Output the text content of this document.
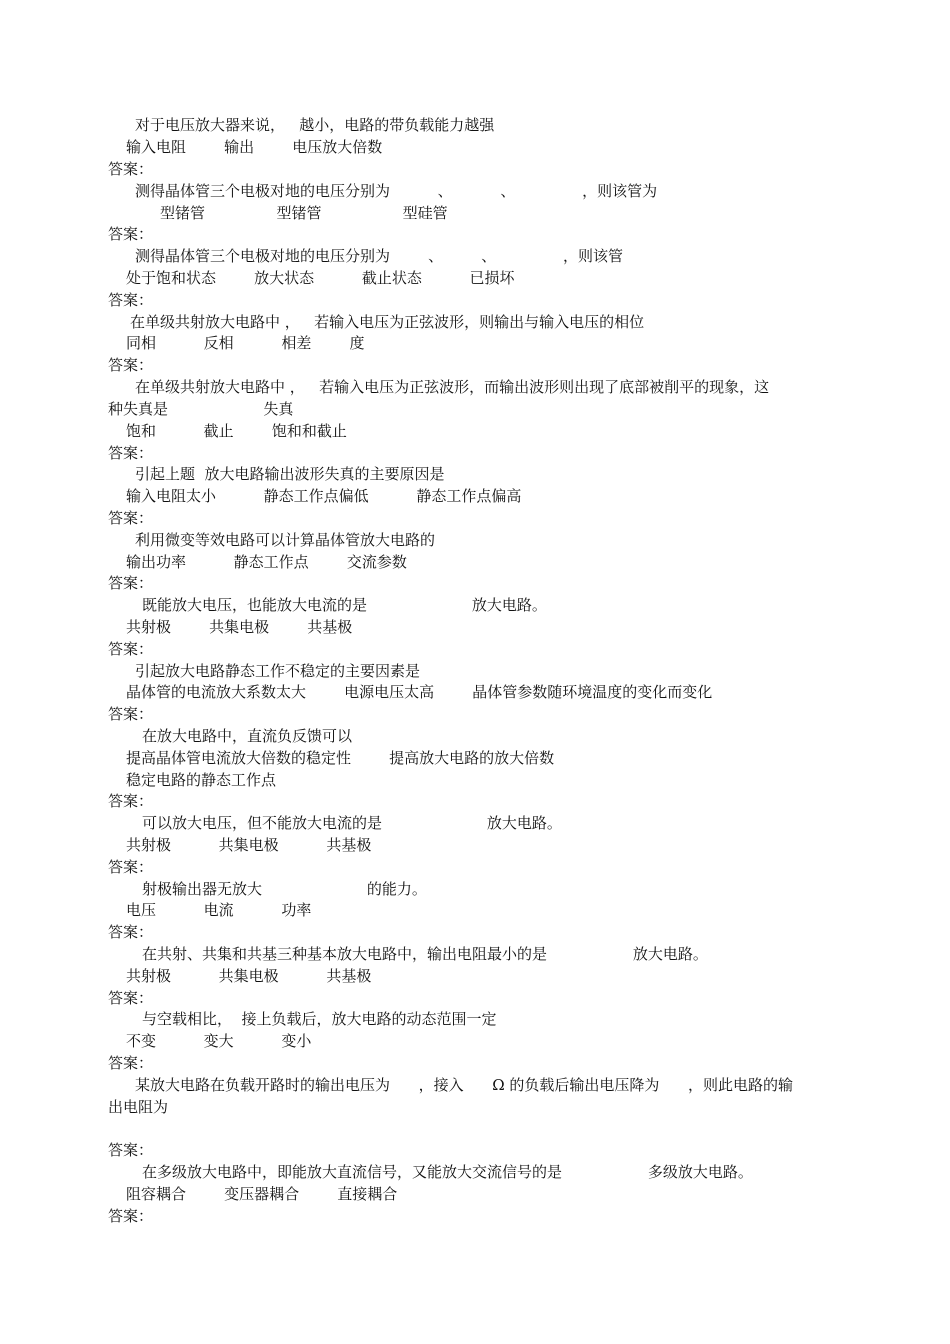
对于电压放大器来说，   越小，电路的带负载能力越强
输入电阻        输出        电压放大倍数
答案：
测得晶体管三个电极对地的电压分别为          、          、              ，则该管为
型锗管               型锗管                 型硅管
答案：
测得晶体管三个电极对地的电压分别为        、        、              ，则该管
处于饱和状态        放大状态          截止状态          已损坏
答案：
在单级共射放大电路中 ，   若输入电压为正弦波形，则输出与输入电压的相位
同相          反相          相差        度
答案：
在单级共射放大电路中 ，   若输入电压为正弦波形，而输出波形则出现了底部被削平的现象，这
种失真是                    失真
饱和          截止        饱和和截止
答案：
引起上题  放大电路输出波形失真的主要原因是
输入电阻太小          静态工作点偏低          静态工作点偏高
答案：
利用微变等效电路可以计算晶体管放大电路的
输出功率          静态工作点        交流参数
答案：
既能放大电压，也能放大电流的是                      放大电路。
共射极        共集电极        共基极
答案：
引起放大电路静态工作不稳定的主要因素是
晶体管的电流放大系数太大        电源电压太高        晶体管参数随环境温度的变化而变化
答案：
在放大电路中，直流负反馈可以
提高晶体管电流放大倍数的稳定性        提高放大电路的放大倍数
稳定电路的静态工作点
答案：
可以放大电压，但不能放大电流的是                      放大电路。
共射极          共集电极          共基极
答案：
射极输出器无放大                      的能力。
电压          电流          功率
答案：
在共射、共集和共基三种基本放大电路中，输出电阻最小的是                  放大电路。
共射极          共集电极          共基极
答案：
与空载相比，  接上负载后，放大电路的动态范围一定
不变          变大          变小
答案：
某放大电路在负载开路时的输出电压为      ，接入      Ω 的负载后输出电压降为      ，则此电路的输
出电阻为
答案：
在多级放大电路中，即能放大直流信号，又能放大交流信号的是                  多级放大电路。
阻容耦合        变压器耦合        直接耦合
答案：
